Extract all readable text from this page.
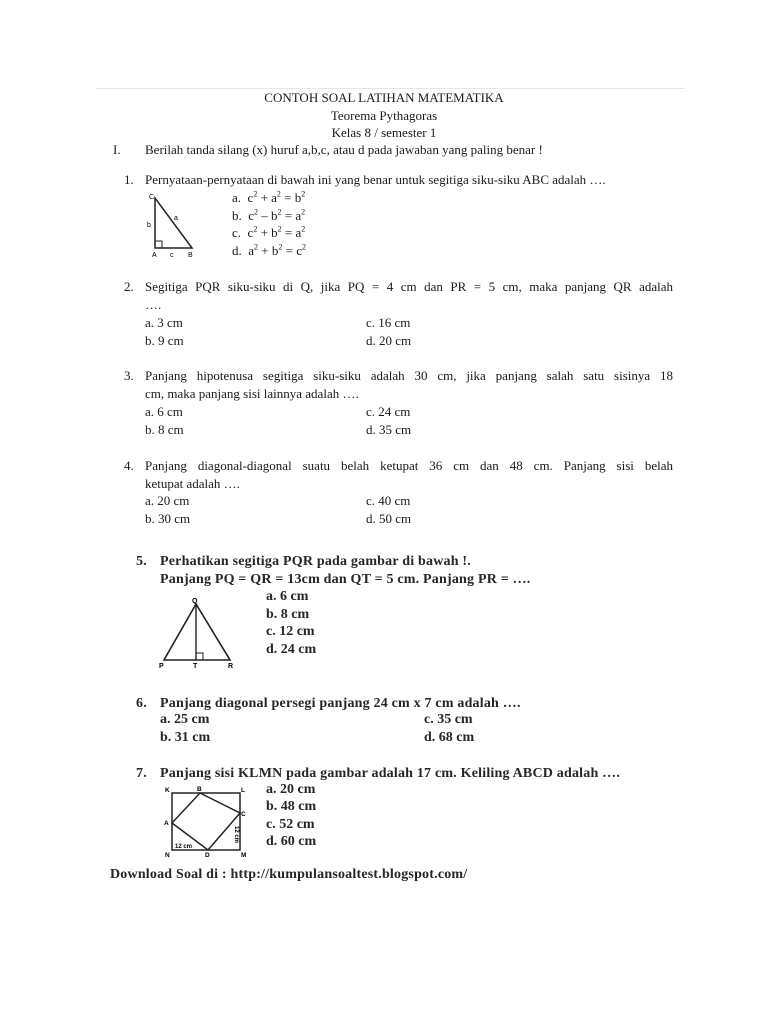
CONTOH SOAL LATIHAN MATEMATIKA
Teorema Pythagoras
Kelas 8 / semester 1
I. Berilah tanda silang (x) huruf a,b,c, atau d pada jawaban yang paling benar !
1. Pernyataan-pernyataan di bawah ini yang benar untuk segitiga siku-siku ABC adalah ….
C
b
a
A c B
a. $c^2 + a^2 = b^2$
b. $c^2 - b^2 = a^2$
c. $c^2 + b^2 = a^2$
d. $a^2 + b^2 = c^2$
2. Segitiga PQR siku-siku di Q, jika PQ = 4 cm dan PR = 5 cm, maka panjang QR adalah
….
a. 3 cm	c. 16 cm
b. 9 cm	d. 20 cm
3. Panjang hipotenusa segitiga siku-siku adalah 30 cm, jika panjang salah satu sisinya 18
cm, maka panjang sisi lainnya adalah ….
a. 6 cm	c. 24 cm
b. 8 cm	d. 35 cm
4. Panjang diagonal-diagonal suatu belah ketupat 36 cm dan 48 cm. Panjang sisi belah
ketupat adalah ….
a. 20 cm	c. 40 cm
b. 30 cm	d. 50 cm
5. Perhatikan segitiga PQR pada gambar di bawah !.
Panjang PQ = QR = 13cm dan QT = 5 cm. Panjang PR = ….
Q
P	T	R
a. 6 cm
b. 8 cm
c. 12 cm
d. 24 cm
6. Panjang diagonal persegi panjang 24 cm x 7 cm adalah ….
a. 25 cm	c. 35 cm
b. 31 cm	d. 68 cm
7. Panjang sisi KLMN pada gambar adalah 17 cm. Keliling ABCD adalah ….
K	B	L
A
C
N	D	M
12 cm
12 cm
a. 20 cm
b. 48 cm
c. 52 cm
d. 60 cm
Download Soal di : http://kumpulansoaltest.blogspot.com/
